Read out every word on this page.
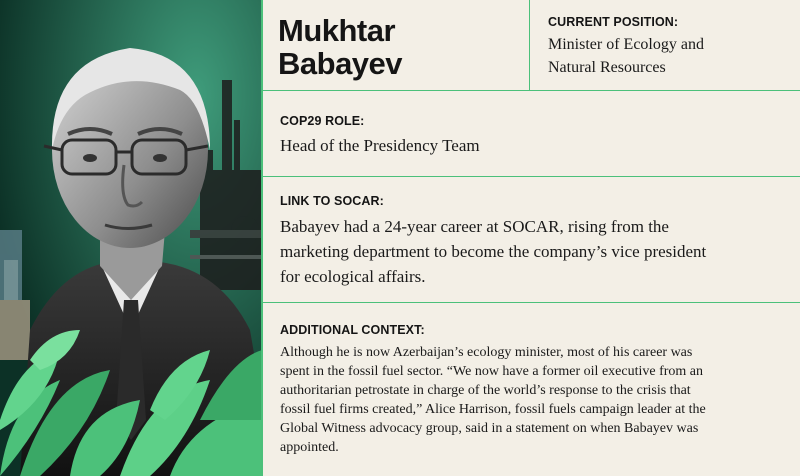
Mukhtar
Babayev
CURRENT POSITION:
Minister of Ecology and
Natural Resources
COP29 ROLE:
Head of the Presidency Team
LINK TO SOCAR:
Babayev had a 24-year career at SOCAR, rising from the
marketing department to become the company’s vice president
for ecological affairs.
ADDITIONAL CONTEXT:
Although he is now Azerbaijan’s ecology minister, most of his career was
spent in the fossil fuel sector. “We now have a former oil executive from an
authoritarian petrostate in charge of the world’s response to the crisis that
fossil fuel firms created,” Alice Harrison, fossil fuels campaign leader at the
Global Witness advocacy group, said in a statement on when Babayev was
appointed.
